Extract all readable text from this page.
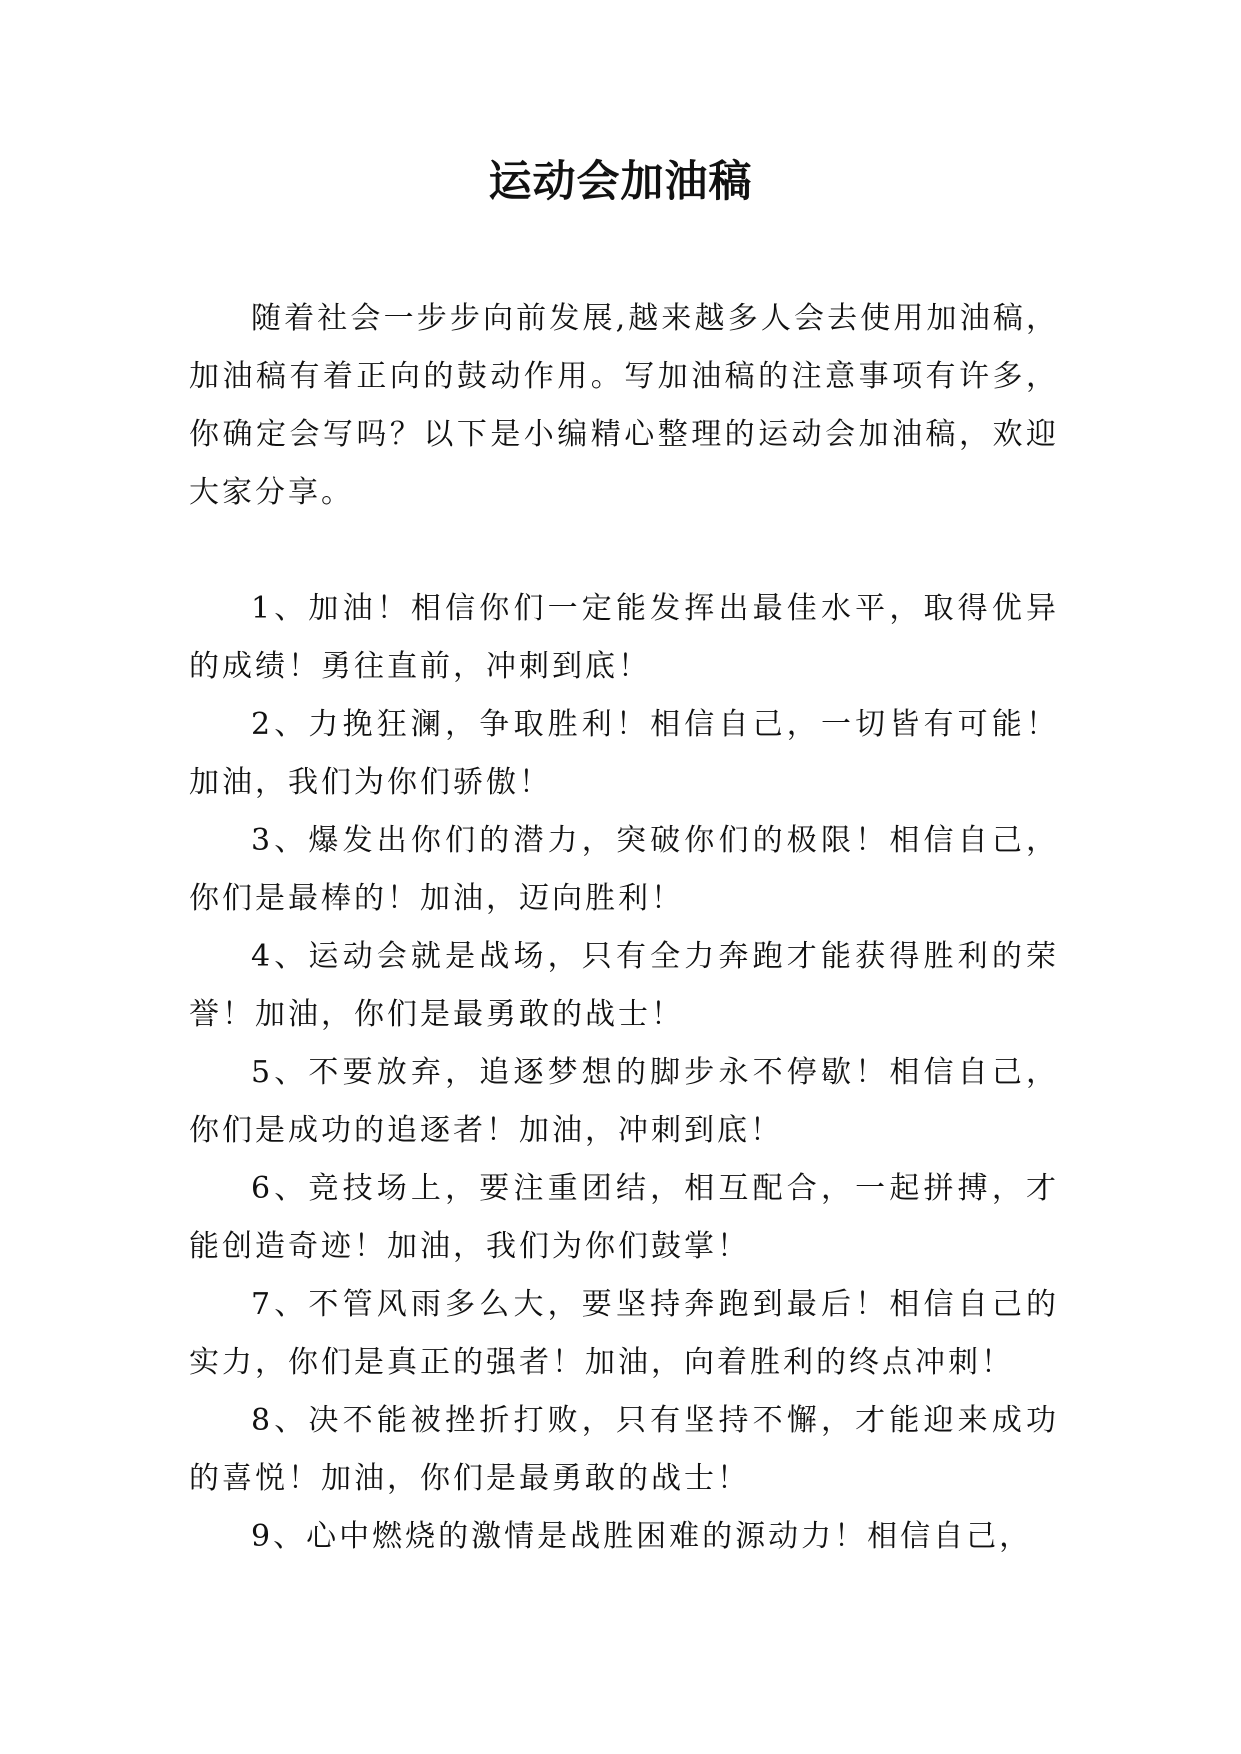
运动会加油稿

随着社会一步步向前发展,越来越多人会去使用加油稿，加油稿有着正向的鼓动作用。写加油稿的注意事项有许多，你确定会写吗？以下是小编精心整理的运动会加油稿，欢迎大家分享。

1、加油！相信你们一定能发挥出最佳水平，取得优异的成绩！勇往直前，冲刺到底！

2、力挽狂澜，争取胜利！相信自己，一切皆有可能！加油，我们为你们骄傲！

3、爆发出你们的潜力，突破你们的极限！相信自己，你们是最棒的！加油，迈向胜利！

4、运动会就是战场，只有全力奔跑才能获得胜利的荣誉！加油，你们是最勇敢的战士！

5、不要放弃，追逐梦想的脚步永不停歇！相信自己，你们是成功的追逐者！加油，冲刺到底！

6、竞技场上，要注重团结，相互配合，一起拼搏，才能创造奇迹！加油，我们为你们鼓掌！

7、不管风雨多么大，要坚持奔跑到最后！相信自己的实力，你们是真正的强者！加油，向着胜利的终点冲刺！

8、决不能被挫折打败，只有坚持不懈，才能迎来成功的喜悦！加油，你们是最勇敢的战士！

9、心中燃烧的激情是战胜困难的源动力！相信自己，
